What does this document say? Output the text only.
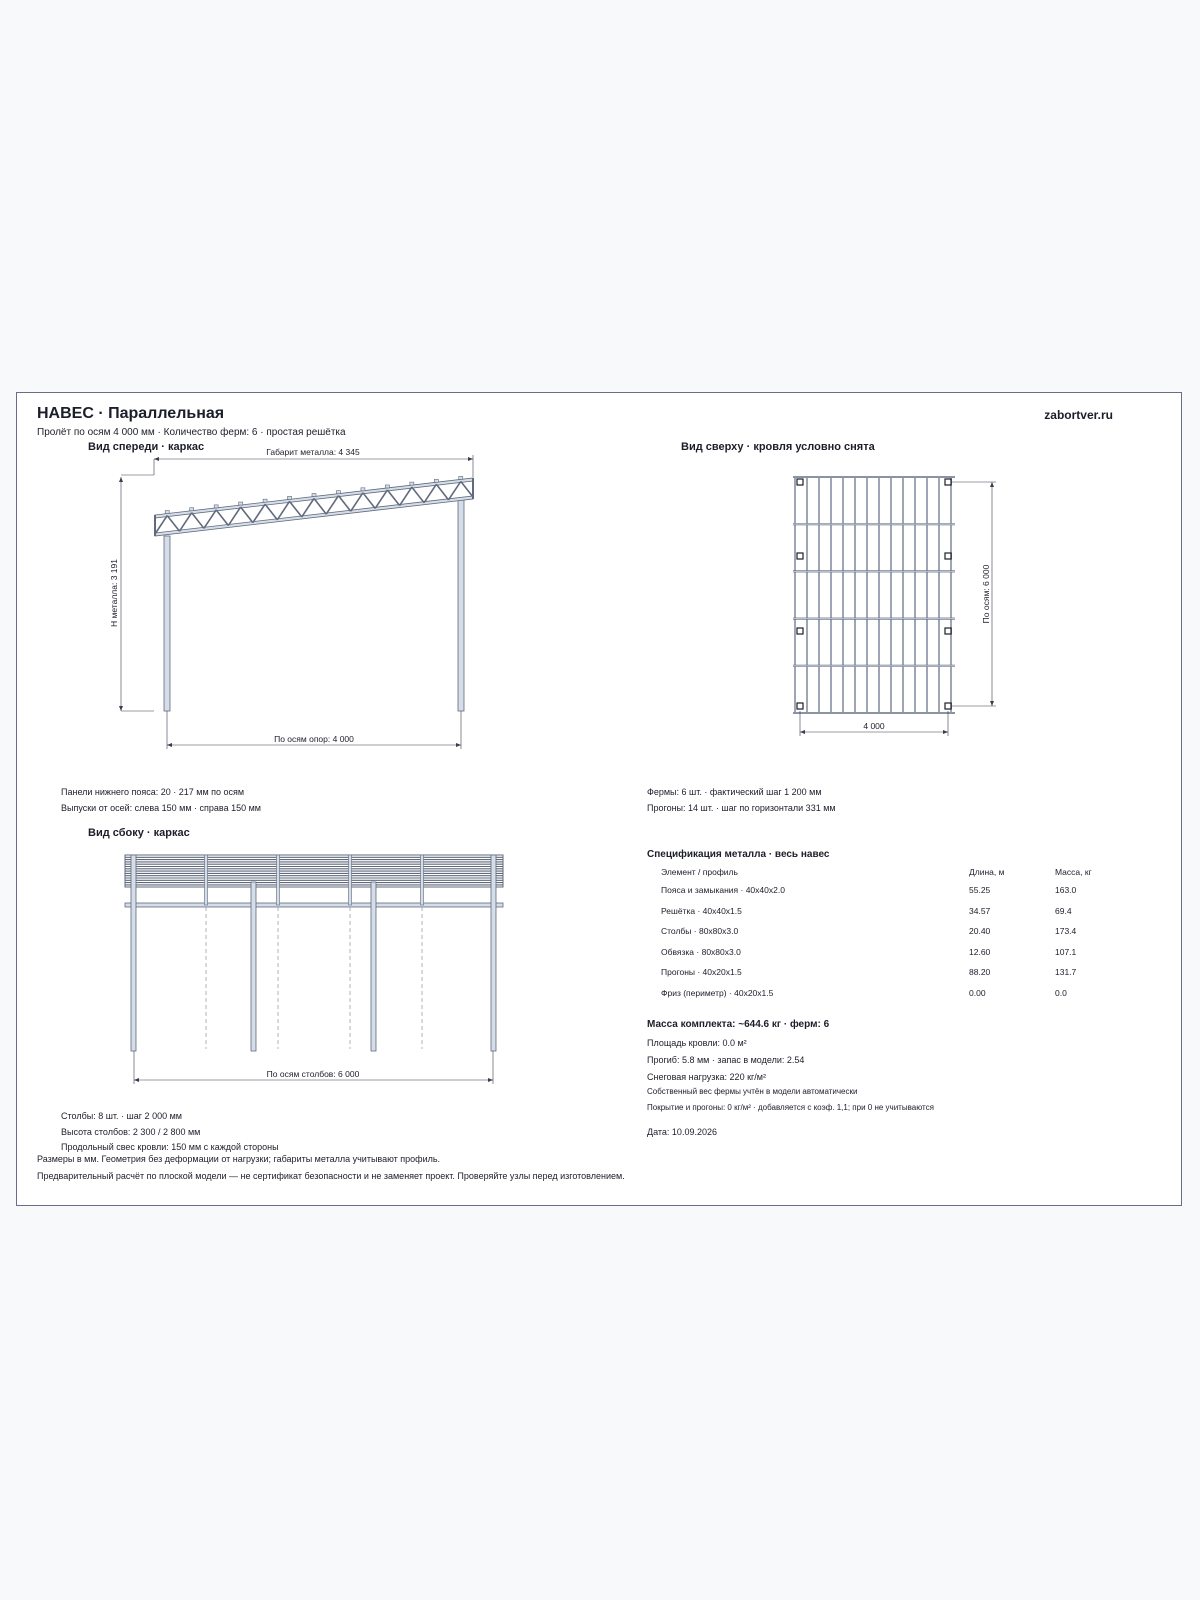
Габарит металла: 4 345
Н металла: 3 191
По осям опор: 4 000
По осям: 6 000
4 000
По осям столбов: 6 000
НАВЕС · Параллельная
Пролёт по осям 4 000 мм · Количество ферм: 6 · простая решётка
zabortver.ru
Вид спереди · каркас	Вид сверху · кровля условно снята
Вид сбоку · каркас
Панели нижнего пояса: 20 · 217 мм по осям
Выпуски от осей: слева 150 мм · справа 150 мм
Фермы: 6 шт. · фактический шаг 1 200 мм
Прогоны: 14 шт. · шаг по горизонтали 331 мм
Столбы: 8 шт. · шаг 2 000 мм
Высота столбов: 2 300 / 2 800 мм
Продольный свес кровли: 150 мм с каждой стороны
Спецификация металла · весь навес
Элемент / профиль	Длина, м	Масса, кг
Пояса и замыкания · 40x40x2.0	55.25	163.0
Решётка · 40x40x1.5	34.57	69.4
Столбы · 80x80x3.0	20.40	173.4
Обвязка · 80x80x3.0	12.60	107.1
Прогоны · 40x20x1.5	88.20	131.7
Фриз (периметр) · 40x20x1.5	0.00	0.0
Масса комплекта: ~644.6 кг · ферм: 6
Площадь кровли: 0.0 м²
Прогиб: 5.8 мм · запас в модели: 2.54
Снеговая нагрузка: 220 кг/м²
Собственный вес фермы учтён в модели автоматически
Покрытие и прогоны: 0 кг/м² · добавляется с коэф. 1,1; при 0 не учитываются
Дата: 10.09.2026
Размеры в мм. Геометрия без деформации от нагрузки; габариты металла учитывают профиль.
Предварительный расчёт по плоской модели — не сертификат безопасности и не заменяет проект. Проверяйте узлы перед изготовлением.
